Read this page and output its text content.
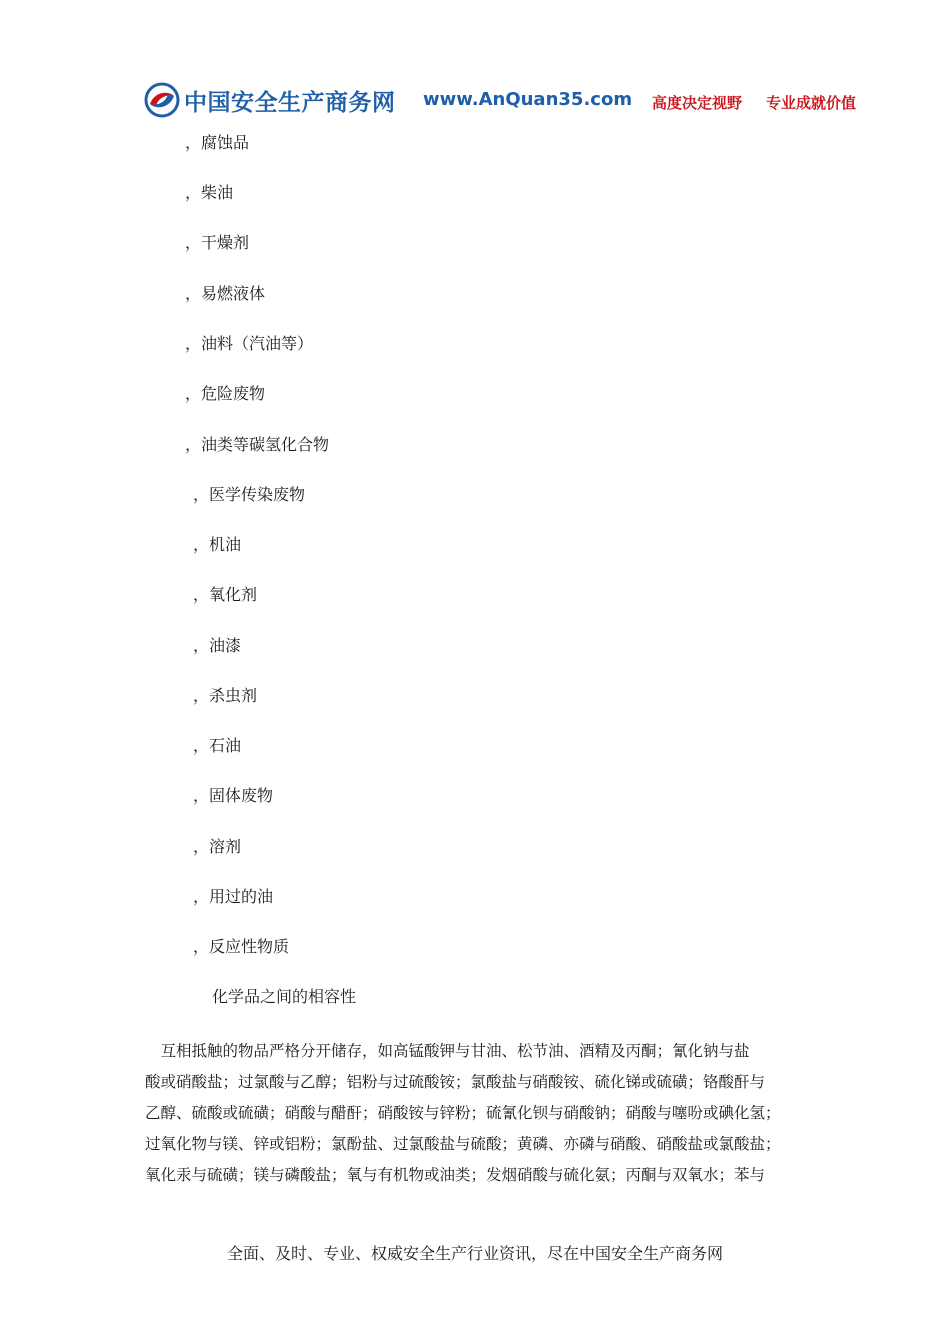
中国安全生产商务网 www.AnQuan35.com 高度决定视野 专业成就价值
，腐蚀品
，柴油
，干燥剂
，易燃液体
，油料（汽油等）
，危险废物
，油类等碳氢化合物
，医学传染废物
，机油
，氧化剂
，油漆
，杀虫剂
，石油
，固体废物
，溶剂
，用过的油
，反应性物质
化学品之间的相容性
　互相抵触的物品严格分开储存，如高锰酸钾与甘油、松节油、酒精及丙酮；氰化钠与盐
酸或硝酸盐；过氯酸与乙醇；铝粉与过硫酸铵；氯酸盐与硝酸铵、硫化锑或硫磺；铬酸酐与
乙醇、硫酸或硫磺；硝酸与醋酐；硝酸铵与锌粉；硫氰化钡与硝酸钠；硝酸与噻吩或碘化氢；
过氧化物与镁、锌或铝粉；氯酚盐、过氯酸盐与硫酸；黄磷、亦磷与硝酸、硝酸盐或氯酸盐；
氧化汞与硫磺；镁与磷酸盐；氧与有机物或油类；发烟硝酸与硫化氨；丙酮与双氧水；苯与
全面、及时、专业、权威安全生产行业资讯，尽在中国安全生产商务网
